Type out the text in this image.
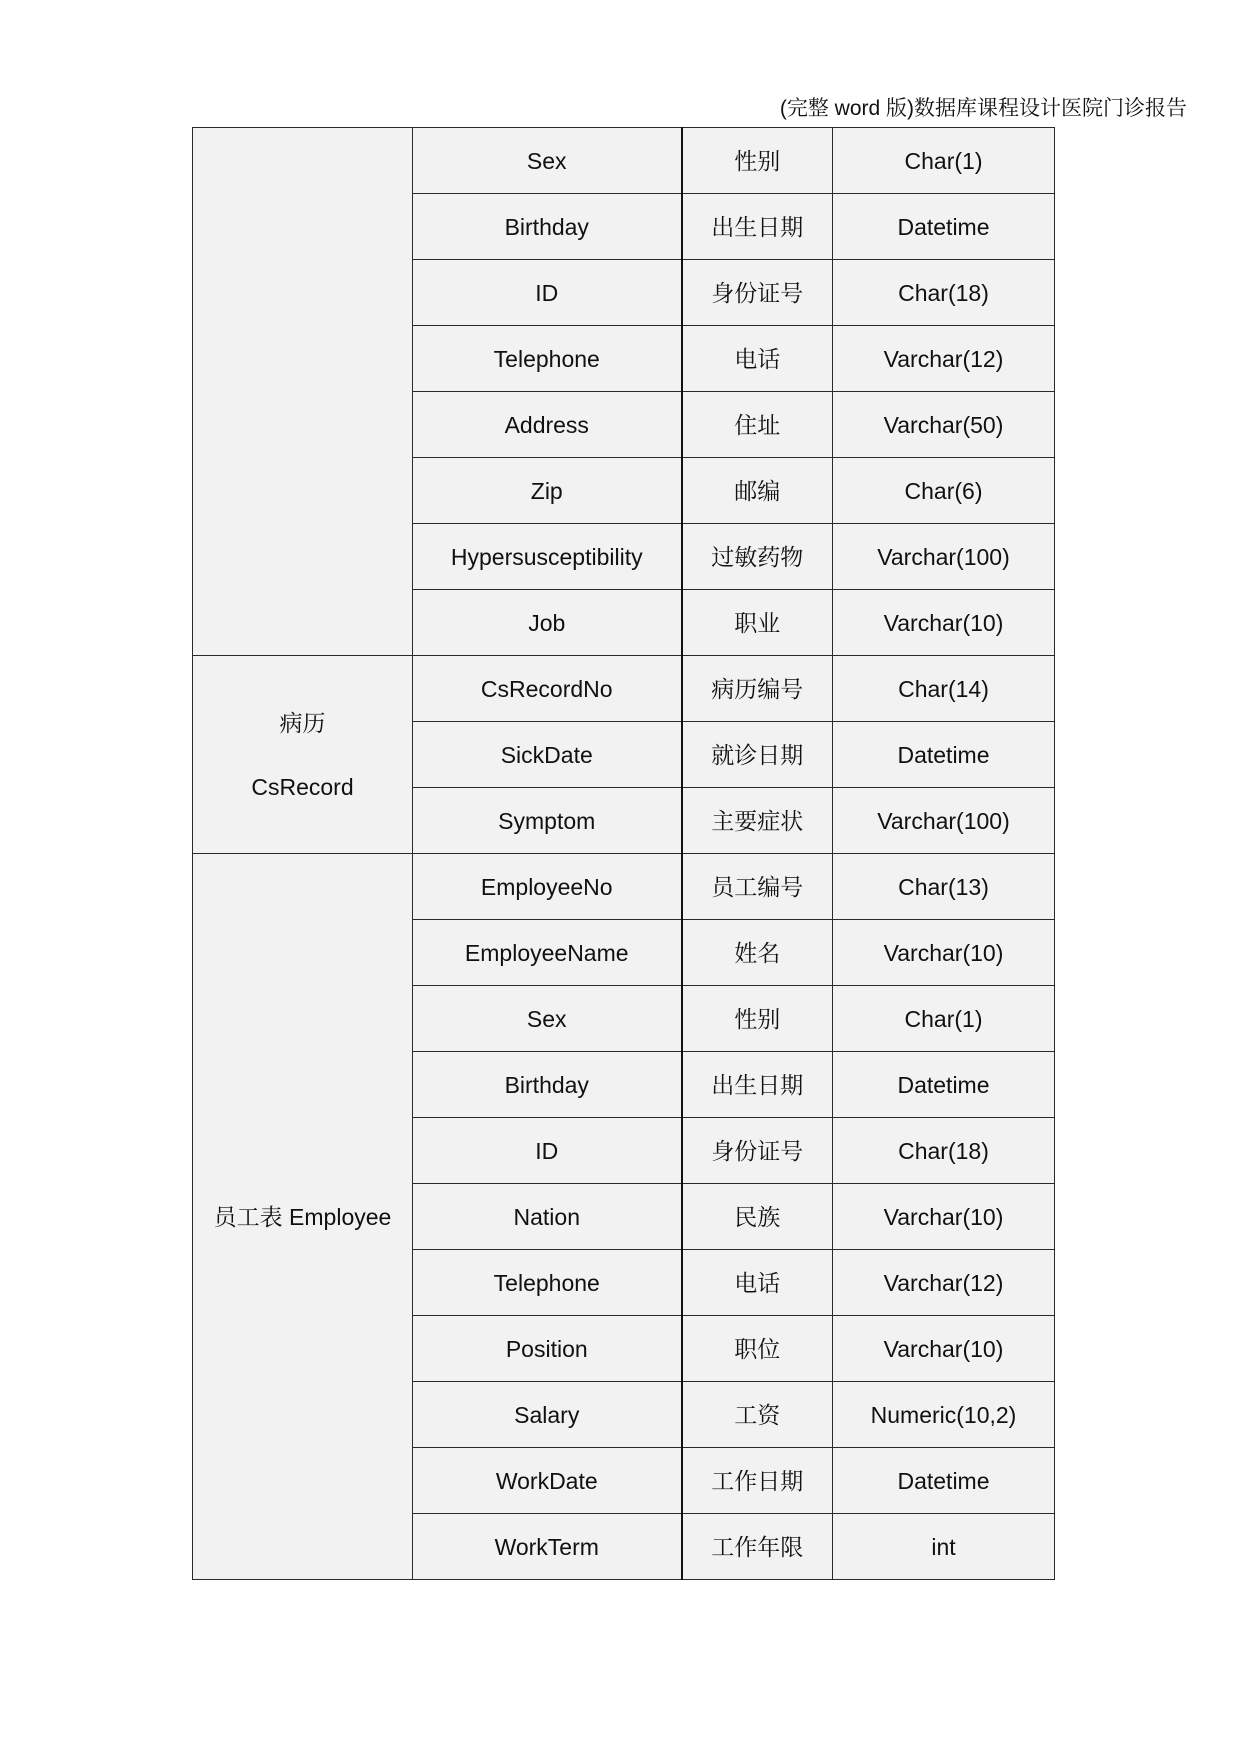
(完整 word 版)数据库课程设计医院门诊报告
	Sex	性别	Char(1)
	Birthday	出生日期	Datetime
	ID	身份证号	Char(18)
	Telephone	电话	Varchar(12)
	Address	住址	Varchar(50)
	Zip	邮编	Char(6)
	Hypersusceptibility	过敏药物	Varchar(100)
	Job	职业	Varchar(10)

病历
CsRecord	CsRecordNo	病历编号	Char(14)
	SickDate	就诊日期	Datetime
	Symptom	主要症状	Varchar(100)

员工表 Employee	EmployeeNo	员工编号	Char(13)
	EmployeeName	姓名	Varchar(10)
	Sex	性别	Char(1)
	Birthday	出生日期	Datetime
	ID	身份证号	Char(18)
	Nation	民族	Varchar(10)
	Telephone	电话	Varchar(12)
	Position	职位	Varchar(10)
	Salary	工资	Numeric(10,2)
	WorkDate	工作日期	Datetime
	WorkTerm	工作年限	int
